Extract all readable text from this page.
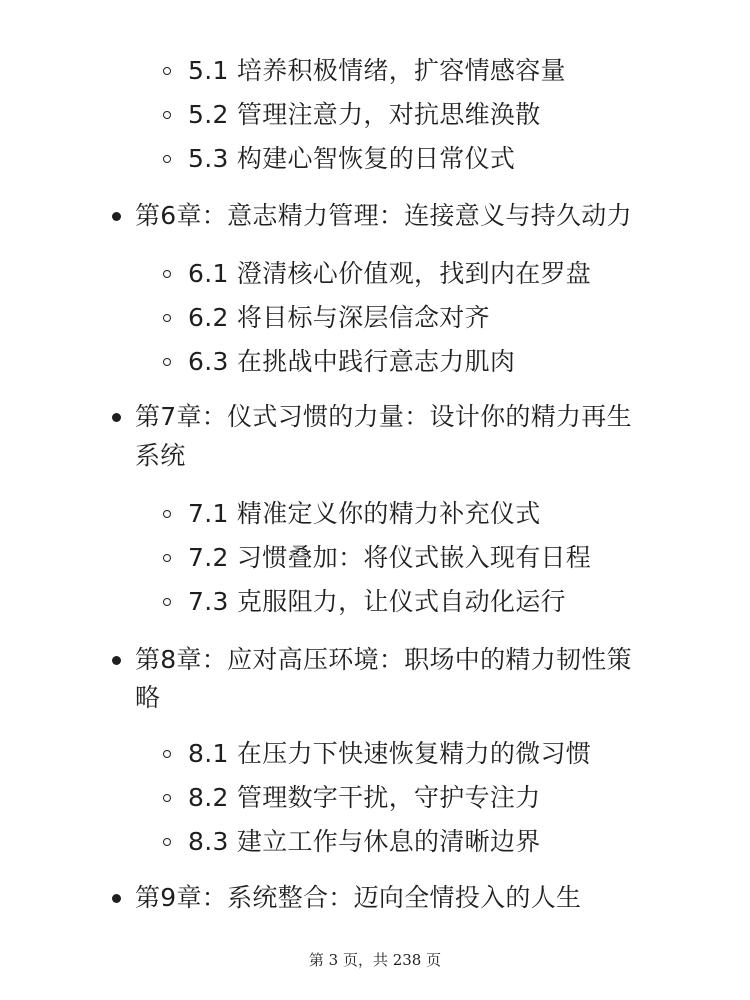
5.1 培养积极情绪，扩容情感容量
5.2 管理注意力，对抗思维涣散
5.3 构建心智恢复的日常仪式
第6章：意志精力管理：连接意义与持久动力
6.1 澄清核心价值观，找到内在罗盘
6.2 将目标与深层信念对齐
6.3 在挑战中践行意志力肌肉
第7章：仪式习惯的力量：设计你的精力再生
系统
7.1 精准定义你的精力补充仪式
7.2 习惯叠加：将仪式嵌入现有日程
7.3 克服阻力，让仪式自动化运行
第8章：应对高压环境：职场中的精力韧性策
略
8.1 在压力下快速恢复精力的微习惯
8.2 管理数字干扰，守护专注力
8.3 建立工作与休息的清晰边界
第9章：系统整合：迈向全情投入的人生
第 3 页，共 238 页
